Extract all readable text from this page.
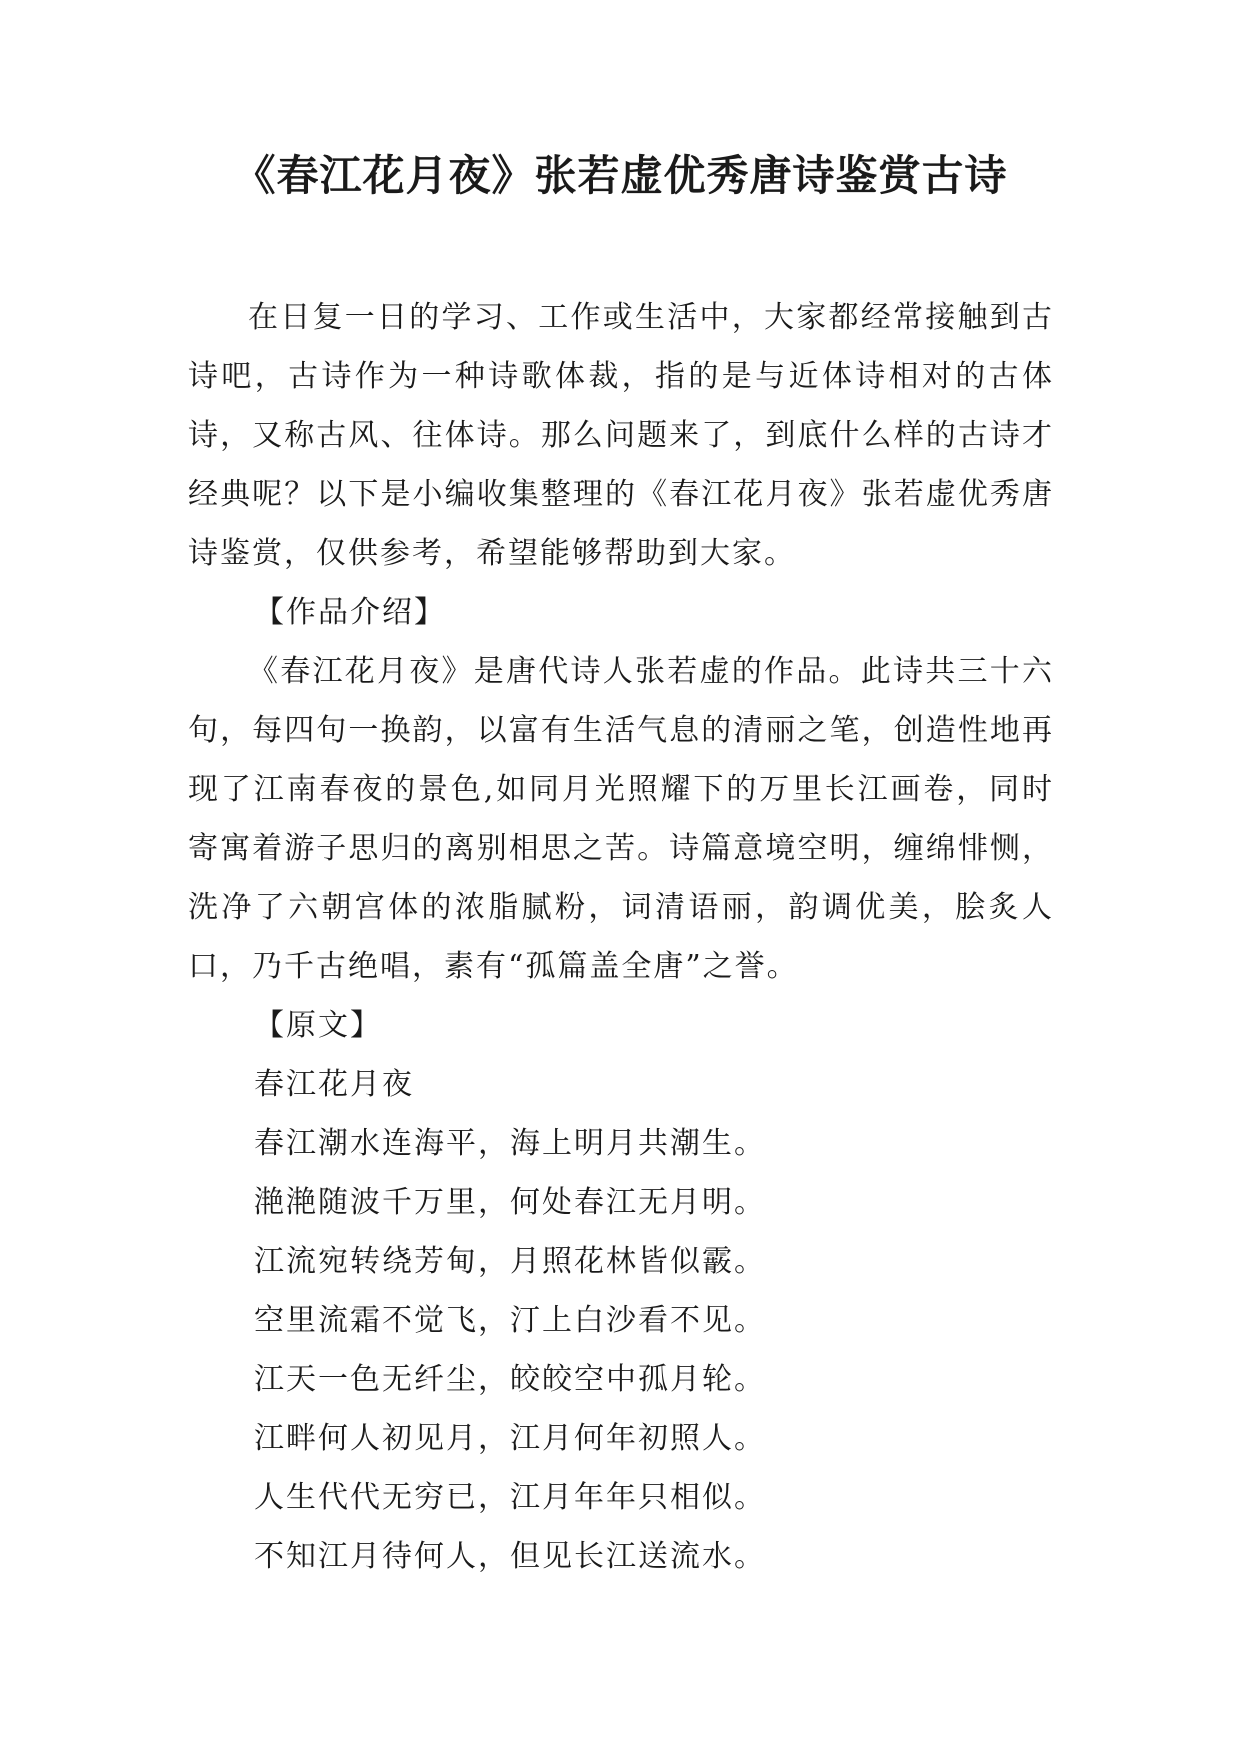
《春江花月夜》张若虚优秀唐诗鉴赏古诗

在日复一日的学习、工作或生活中，大家都经常接触到古诗吧，古诗作为一种诗歌体裁，指的是与近体诗相对的古体诗，又称古风、往体诗。那么问题来了，到底什么样的古诗才经典呢？以下是小编收集整理的《春江花月夜》张若虚优秀唐诗鉴赏，仅供参考，希望能够帮助到大家。

【作品介绍】

《春江花月夜》是唐代诗人张若虚的作品。此诗共三十六句，每四句一换韵，以富有生活气息的清丽之笔，创造性地再现了江南春夜的景色,如同月光照耀下的万里长江画卷，同时寄寓着游子思归的离别相思之苦。诗篇意境空明，缠绵悱恻，洗净了六朝宫体的浓脂腻粉，词清语丽，韵调优美，脍炙人口，乃千古绝唱，素有“孤篇盖全唐”之誉。

【原文】

春江花月夜

春江潮水连海平，海上明月共潮生。

滟滟随波千万里，何处春江无月明。

江流宛转绕芳甸，月照花林皆似霰。

空里流霜不觉飞，汀上白沙看不见。

江天一色无纤尘，皎皎空中孤月轮。

江畔何人初见月，江月何年初照人。

人生代代无穷已，江月年年只相似。

不知江月待何人，但见长江送流水。
